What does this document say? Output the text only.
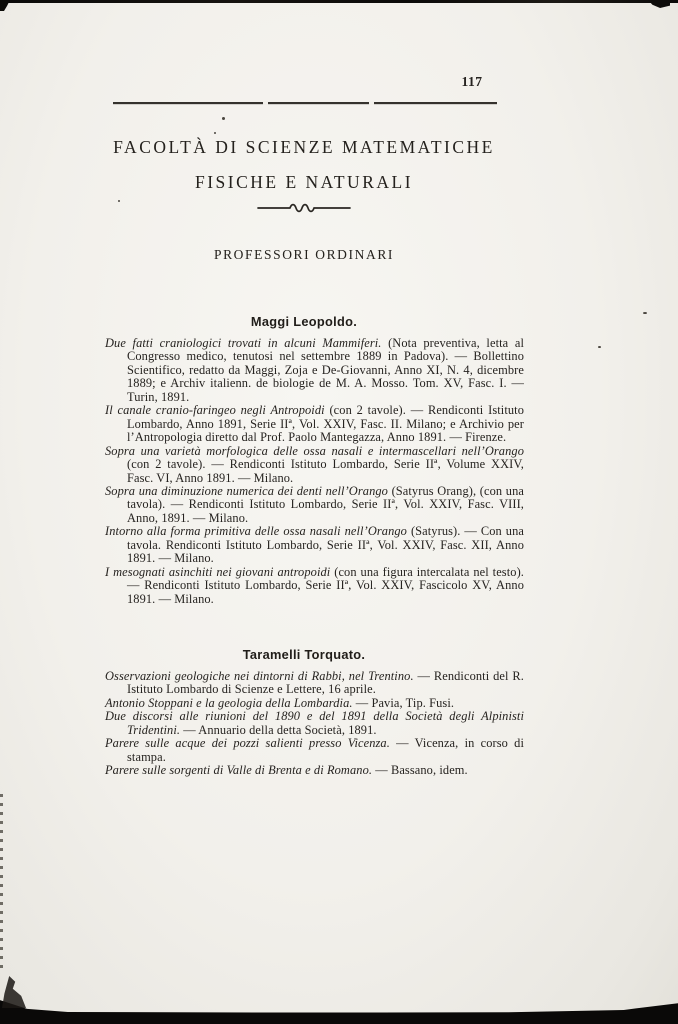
117
FACOLTÀ DI SCIENZE MATEMATICHE
FISICHE E NATURALI
PROFESSORI ORDINARI
Maggi Leopoldo.

Due fatti craniologici trovati in alcuni Mammiferi. (Nota preventiva, letta al Congresso medico, tenutosi nel settembre 1889 in Padova). — Bollettino Scientifico, redatto da Maggi, Zoja e De-Giovanni, Anno XI, N. 4, dicembre 1889; e Archiv italienn. de biologie de M. A. Mosso. Tom. XV, Fasc. I. — Turin, 1891.

Il canale cranio-faringeo negli Antropoidi (con 2 tavole). — Rendiconti Istituto Lombardo, Anno 1891, Serie IIª, Vol. XXIV, Fasc. II. Milano; e Archivio per l’Antropologia diretto dal Prof. Paolo Mantegazza, Anno 1891. — Firenze.

Sopra una varietà morfologica delle ossa nasali e intermascellari nell’Orango (con 2 tavole). — Rendiconti Istituto Lombardo, Serie IIª, Volume XXIV, Fasc. VI, Anno 1891. — Milano.

Sopra una diminuzione numerica dei denti nell’Orango (Satyrus Orang), (con una tavola). — Rendiconti Istituto Lombardo, Serie IIª, Vol. XXIV, Fasc. VIII, Anno, 1891. — Milano.

Intorno alla forma primitiva delle ossa nasali nell’Orango (Satyrus). — Con una tavola. Rendiconti Istituto Lombardo, Serie IIª, Vol. XXIV, Fasc. XII, Anno 1891. — Milano.

I mesognati asinchiti nei giovani antropoidi (con una figura intercalata nel testo). — Rendiconti Istituto Lombardo, Serie IIª, Vol. XXIV, Fascicolo XV, Anno 1891. — Milano.

Taramelli Torquato.

Osservazioni geologiche nei dintorni di Rabbi, nel Trentino. — Rendiconti del R. Istituto Lombardo di Scienze e Lettere, 16 aprile.

Antonio Stoppani e la geologia della Lombardia. — Pavia, Tip. Fusi.

Due discorsi alle riunioni del 1890 e del 1891 della Società degli Alpinisti Tridentini. — Annuario della detta Società, 1891.

Parere sulle acque dei pozzi salienti presso Vicenza. — Vicenza, in corso di stampa.

Parere sulle sorgenti di Valle di Brenta e di Romano. — Bassano, idem.
